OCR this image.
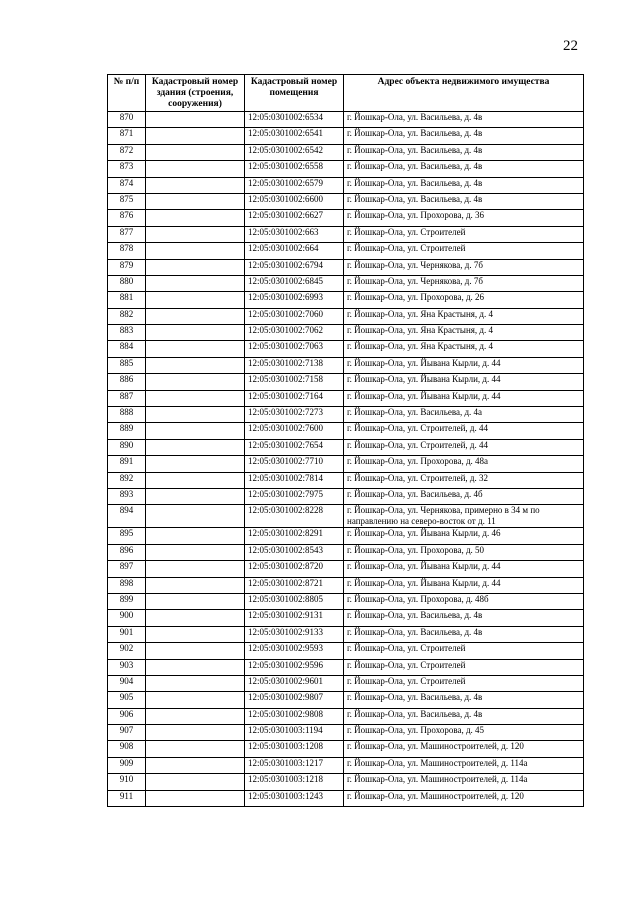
22
№ п/п	Кадастровый номер здания (строения, сооружения)	Кадастровый номер помещения	Адрес объекта недвижимого имущества
870		12:05:0301002:6534	г. Йошкар-Ола, ул. Васильева, д. 4в
871		12:05:0301002:6541	г. Йошкар-Ола, ул. Васильева, д. 4в
872		12:05:0301002:6542	г. Йошкар-Ола, ул. Васильева, д. 4в
873		12:05:0301002:6558	г. Йошкар-Ола, ул. Васильева, д. 4в
874		12:05:0301002:6579	г. Йошкар-Ола, ул. Васильева, д. 4в
875		12:05:0301002:6600	г. Йошкар-Ола, ул. Васильева, д. 4в
876		12:05:0301002:6627	г. Йошкар-Ола, ул. Прохорова, д. 36
877		12:05:0301002:663	г. Йошкар-Ола, ул. Строителей
878		12:05:0301002:664	г. Йошкар-Ола, ул. Строителей
879		12:05:0301002:6794	г. Йошкар-Ола, ул. Чернякова, д. 7б
880		12:05:0301002:6845	г. Йошкар-Ола, ул. Чернякова, д. 7б
881		12:05:0301002:6993	г. Йошкар-Ола, ул. Прохорова, д. 26
882		12:05:0301002:7060	г. Йошкар-Ола, ул. Яна Крастыня, д. 4
883		12:05:0301002:7062	г. Йошкар-Ола, ул. Яна Крастыня, д. 4
884		12:05:0301002:7063	г. Йошкар-Ола, ул. Яна Крастыня, д. 4
885		12:05:0301002:7138	г. Йошкар-Ола, ул. Йывана Кырли, д. 44
886		12:05:0301002:7158	г. Йошкар-Ола, ул. Йывана Кырли, д. 44
887		12:05:0301002:7164	г. Йошкар-Ола, ул. Йывана Кырли, д. 44
888		12:05:0301002:7273	г. Йошкар-Ола, ул. Васильева, д. 4а
889		12:05:0301002:7600	г. Йошкар-Ола, ул. Строителей, д. 44
890		12:05:0301002:7654	г. Йошкар-Ола, ул. Строителей, д. 44
891		12:05:0301002:7710	г. Йошкар-Ола, ул. Прохорова, д. 48а
892		12:05:0301002:7814	г. Йошкар-Ола, ул. Строителей, д. 32
893		12:05:0301002:7975	г. Йошкар-Ола, ул. Васильева, д. 4б
894		12:05:0301002:8228	г. Йошкар-Ола, ул. Чернякова, примерно в 34 м по направлению на северо-восток от д. 11
895		12:05:0301002:8291	г. Йошкар-Ола, ул. Йывана Кырли, д. 46
896		12:05:0301002:8543	г. Йошкар-Ола, ул. Прохорова, д. 50
897		12:05:0301002:8720	г. Йошкар-Ола, ул. Йывана Кырли, д. 44
898		12:05:0301002:8721	г. Йошкар-Ола, ул. Йывана Кырли, д. 44
899		12:05:0301002:8805	г. Йошкар-Ола, ул. Прохорова, д. 48б
900		12:05:0301002:9131	г. Йошкар-Ола, ул. Васильева, д. 4в
901		12:05:0301002:9133	г. Йошкар-Ола, ул. Васильева, д. 4в
902		12:05:0301002:9593	г. Йошкар-Ола, ул. Строителей
903		12:05:0301002:9596	г. Йошкар-Ола, ул. Строителей
904		12:05:0301002:9601	г. Йошкар-Ола, ул. Строителей
905		12:05:0301002:9807	г. Йошкар-Ола, ул. Васильева, д. 4в
906		12:05:0301002:9808	г. Йошкар-Ола, ул. Васильева, д. 4в
907		12:05:0301003:1194	г. Йошкар-Ола, ул. Прохорова, д. 45
908		12:05:0301003:1208	г. Йошкар-Ола, ул. Машиностроителей, д. 120
909		12:05:0301003:1217	г. Йошкар-Ола, ул. Машиностроителей, д. 114а
910		12:05:0301003:1218	г. Йошкар-Ола, ул. Машиностроителей, д. 114а
911		12:05:0301003:1243	г. Йошкар-Ола, ул. Машиностроителей, д. 120
